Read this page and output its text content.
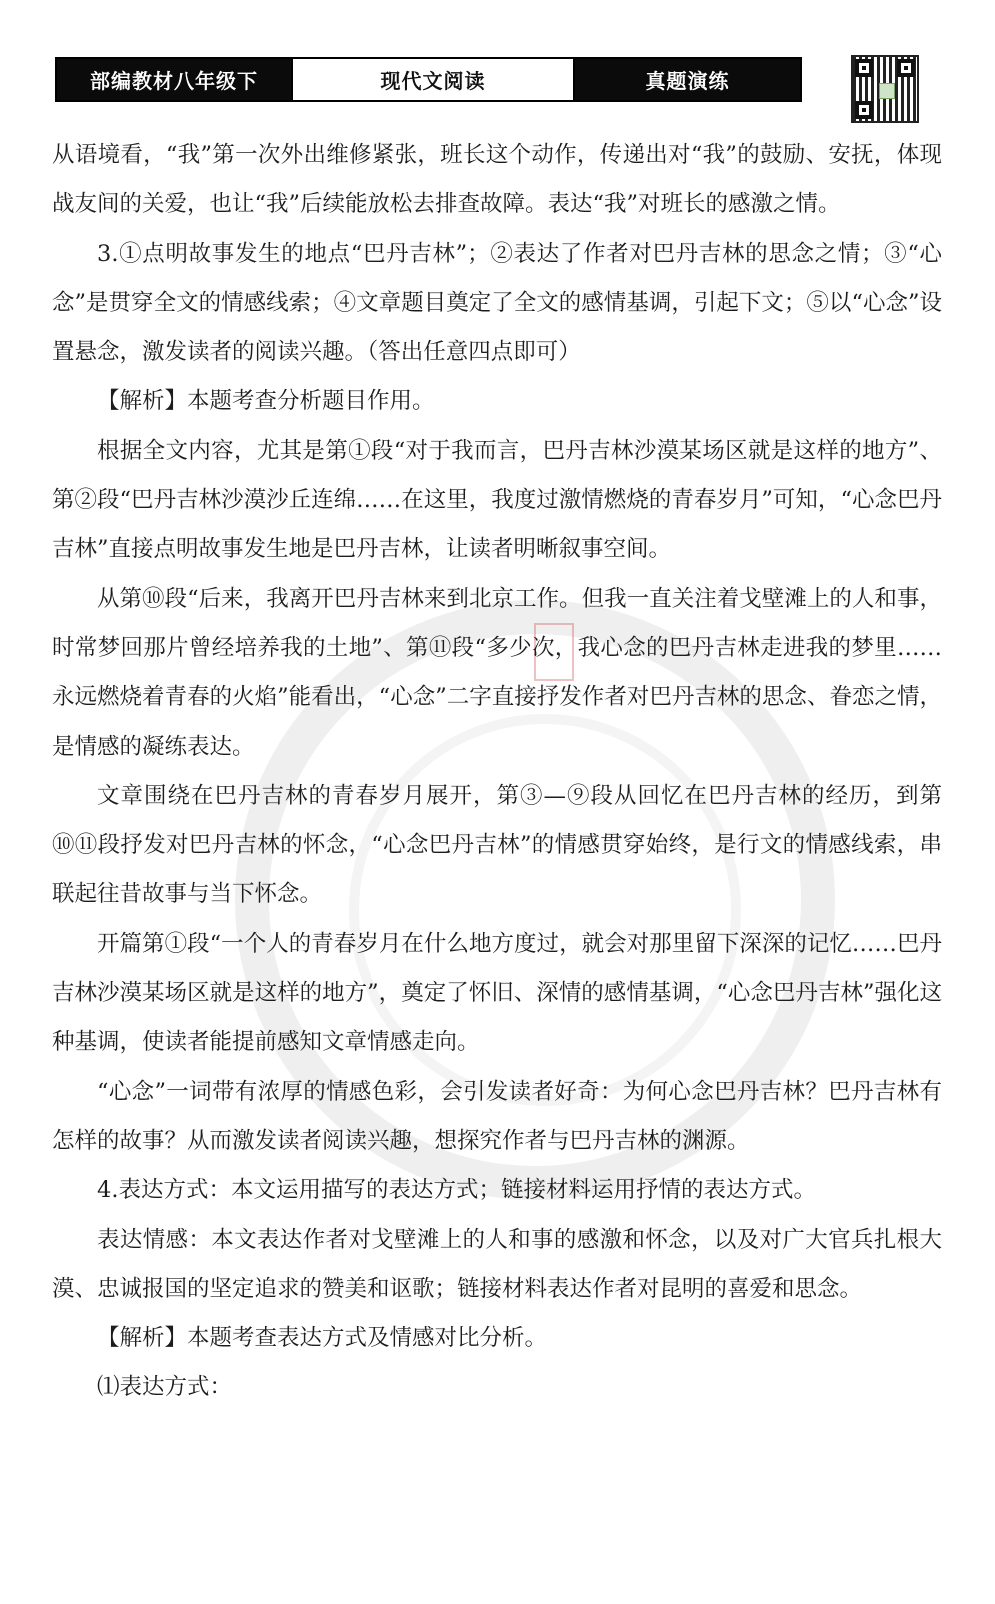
部编教材八年级下	现代文阅读	真题演练

从语境看，“我”第一次外出维修紧张，班长这个动作，传递出对“我”的鼓励、安抚，体现战友间的关爱，也让“我”后续能放松去排查故障。表达“我”对班长的感激之情。

3.①点明故事发生的地点“巴丹吉林”；②表达了作者对巴丹吉林的思念之情；③“心念”是贯穿全文的情感线索；④文章题目奠定了全文的感情基调，引起下文；⑤以“心念”设置悬念，激发读者的阅读兴趣。（答出任意四点即可）

【解析】本题考查分析题目作用。

根据全文内容，尤其是第①段“对于我而言，巴丹吉林沙漠某场区就是这样的地方”、第②段“巴丹吉林沙漠沙丘连绵……在这里，我度过激情燃烧的青春岁月”可知，“心念巴丹吉林”直接点明故事发生地是巴丹吉林，让读者明晰叙事空间。

从第⑩段“后来，我离开巴丹吉林来到北京工作。但我一直关注着戈壁滩上的人和事，时常梦回那片曾经培养我的土地”、第⑪段“多少次，我心念的巴丹吉林走进我的梦里……永远燃烧着青春的火焰”能看出，“心念”二字直接抒发作者对巴丹吉林的思念、眷恋之情，是情感的凝练表达。

文章围绕在巴丹吉林的青春岁月展开，第③—⑨段从回忆在巴丹吉林的经历，到第⑩⑪段抒发对巴丹吉林的怀念，“心念巴丹吉林”的情感贯穿始终，是行文的情感线索，串联起往昔故事与当下怀念。

开篇第①段“一个人的青春岁月在什么地方度过，就会对那里留下深深的记忆……巴丹吉林沙漠某场区就是这样的地方”，奠定了怀旧、深情的感情基调，“心念巴丹吉林”强化这种基调，使读者能提前感知文章情感走向。

“心念”一词带有浓厚的情感色彩，会引发读者好奇：为何心念巴丹吉林？巴丹吉林有怎样的故事？从而激发读者阅读兴趣，想探究作者与巴丹吉林的渊源。

4.表达方式：本文运用描写的表达方式；链接材料运用抒情的表达方式。

表达情感：本文表达作者对戈壁滩上的人和事的感激和怀念，以及对广大官兵扎根大漠、忠诚报国的坚定追求的赞美和讴歌；链接材料表达作者对昆明的喜爱和思念。

【解析】本题考查表达方式及情感对比分析。

⑴表达方式：
